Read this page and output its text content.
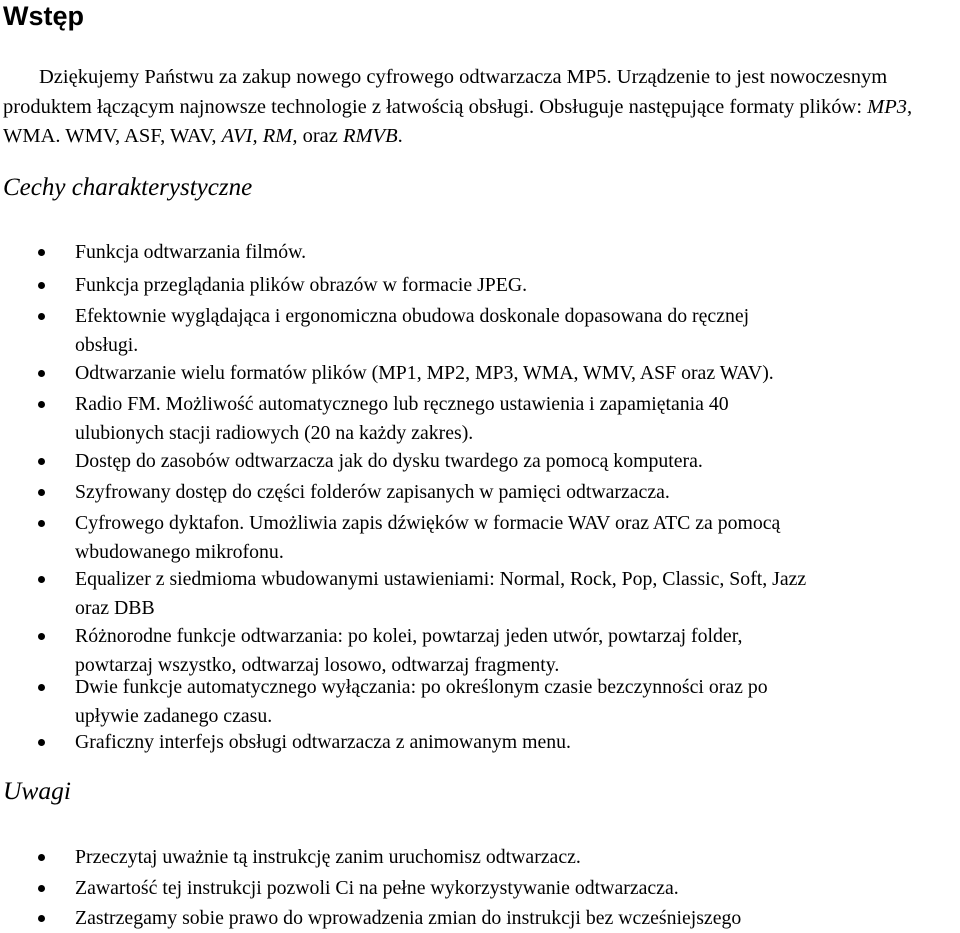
Wstęp

Dziękujemy Państwu za zakup nowego cyfrowego odtwarzacza MP5. Urządzenie to jest nowoczesnym produktem łączącym najnowsze technologie z łatwością obsługi. Obsługuje następujące formaty plików: MP3, WMA. WMV, ASF, WAV, AVI, RM, oraz RMVB.

Cechy charakterystyczne
Funkcja odtwarzania filmów.
Funkcja przeglądania plików obrazów w formacie JPEG.
Efektownie wyglądająca i ergonomiczna obudowa doskonale dopasowana do ręcznej
obsługi.
Odtwarzanie wielu formatów plików (MP1, MP2, MP3, WMA, WMV, ASF oraz WAV).
Radio FM. Możliwość automatycznego lub ręcznego ustawienia i zapamiętania 40
ulubionych stacji radiowych (20 na każdy zakres).
Dostęp do zasobów odtwarzacza jak do dysku twardego za pomocą komputera.
Szyfrowany dostęp do części folderów zapisanych w pamięci odtwarzacza.
Cyfrowego dyktafon. Umożliwia zapis dźwięków w formacie WAV oraz ATC za pomocą
wbudowanego mikrofonu.
Equalizer z siedmioma wbudowanymi ustawieniami: Normal, Rock, Pop, Classic, Soft, Jazz
oraz DBB
Różnorodne funkcje odtwarzania: po kolei, powtarzaj jeden utwór, powtarzaj folder,
powtarzaj wszystko, odtwarzaj losowo, odtwarzaj fragmenty.
Dwie funkcje automatycznego wyłączania: po określonym czasie bezczynności oraz po
upływie zadanego czasu.
Graficzny interfejs obsługi odtwarzacza z animowanym menu.
Uwagi
Przeczytaj uważnie tą instrukcję zanim uruchomisz odtwarzacz.
Zawartość tej instrukcji pozwoli Ci na pełne wykorzystywanie odtwarzacza.
Zastrzegamy sobie prawo do wprowadzenia zmian do instrukcji bez wcześniejszego
